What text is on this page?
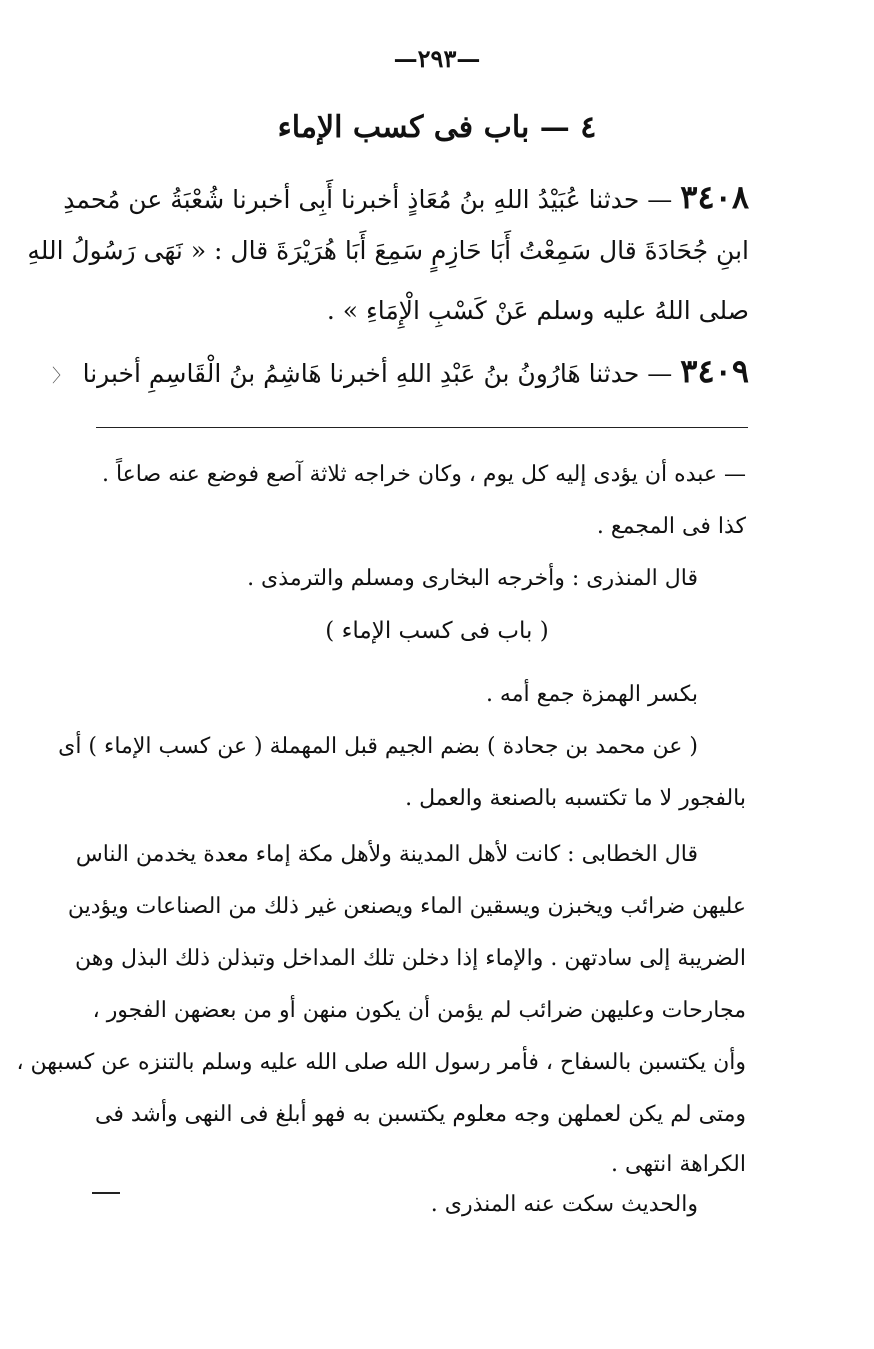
—٢٩٣—
٤ — باب فى كسب الإماء
٣٤٠٨ — حدثنا عُبَيْدُ اللهِ بنُ مُعَاذٍ أخبرنا أَبِى أخبرنا شُعْبَةُ عن مُحمدِ
ابنِ جُحَادَةَ قال سَمِعْتُ أَبَا حَازِمٍ سَمِعَ أَبَا هُرَيْرَةَ قال : « نَهَى رَسُولُ اللهِ
صلى اللهُ عليه وسلم عَنْ كَسْبِ الْإِمَاءِ » .
٣٤٠٩ — حدثنا هَارُونُ بنُ عَبْدِ اللهِ أخبرنا هَاشِمُ بنُ الْقَاسِمِ أخبرنا
〈
— عبده أن يؤدى إليه كل يوم ، وكان خراجه ثلاثة آصع فوضع عنه صاعاً .
كذا فى المجمع .
قال المنذرى : وأخرجه البخارى ومسلم والترمذى .
( باب فى كسب الإماء )
بكسر الهمزة جمع أمه .
( عن محمد بن جحادة ) بضم الجيم قبل المهملة ( عن كسب الإماء ) أى
بالفجور لا ما تكتسبه بالصنعة والعمل .
قال الخطابى : كانت لأهل المدينة ولأهل مكة إماء معدة يخدمن الناس
عليهن ضرائب ويخبزن ويسقين الماء ويصنعن غير ذلك من الصناعات ويؤدين
الضريبة إلى سادتهن . والإماء إذا دخلن تلك المداخل وتبذلن ذلك البذل وهن
مجارحات وعليهن ضرائب لم يؤمن أن يكون منهن أو من بعضهن الفجور ،
وأن يكتسبن بالسفاح ، فأمر رسول الله صلى الله عليه وسلم بالتنزه عن كسبهن ،
ومتى لم يكن لعملهن وجه معلوم يكتسبن به فهو أبلغ فى النهى وأشد فى
الكراهة انتهى .
والحديث سكت عنه المنذرى .
